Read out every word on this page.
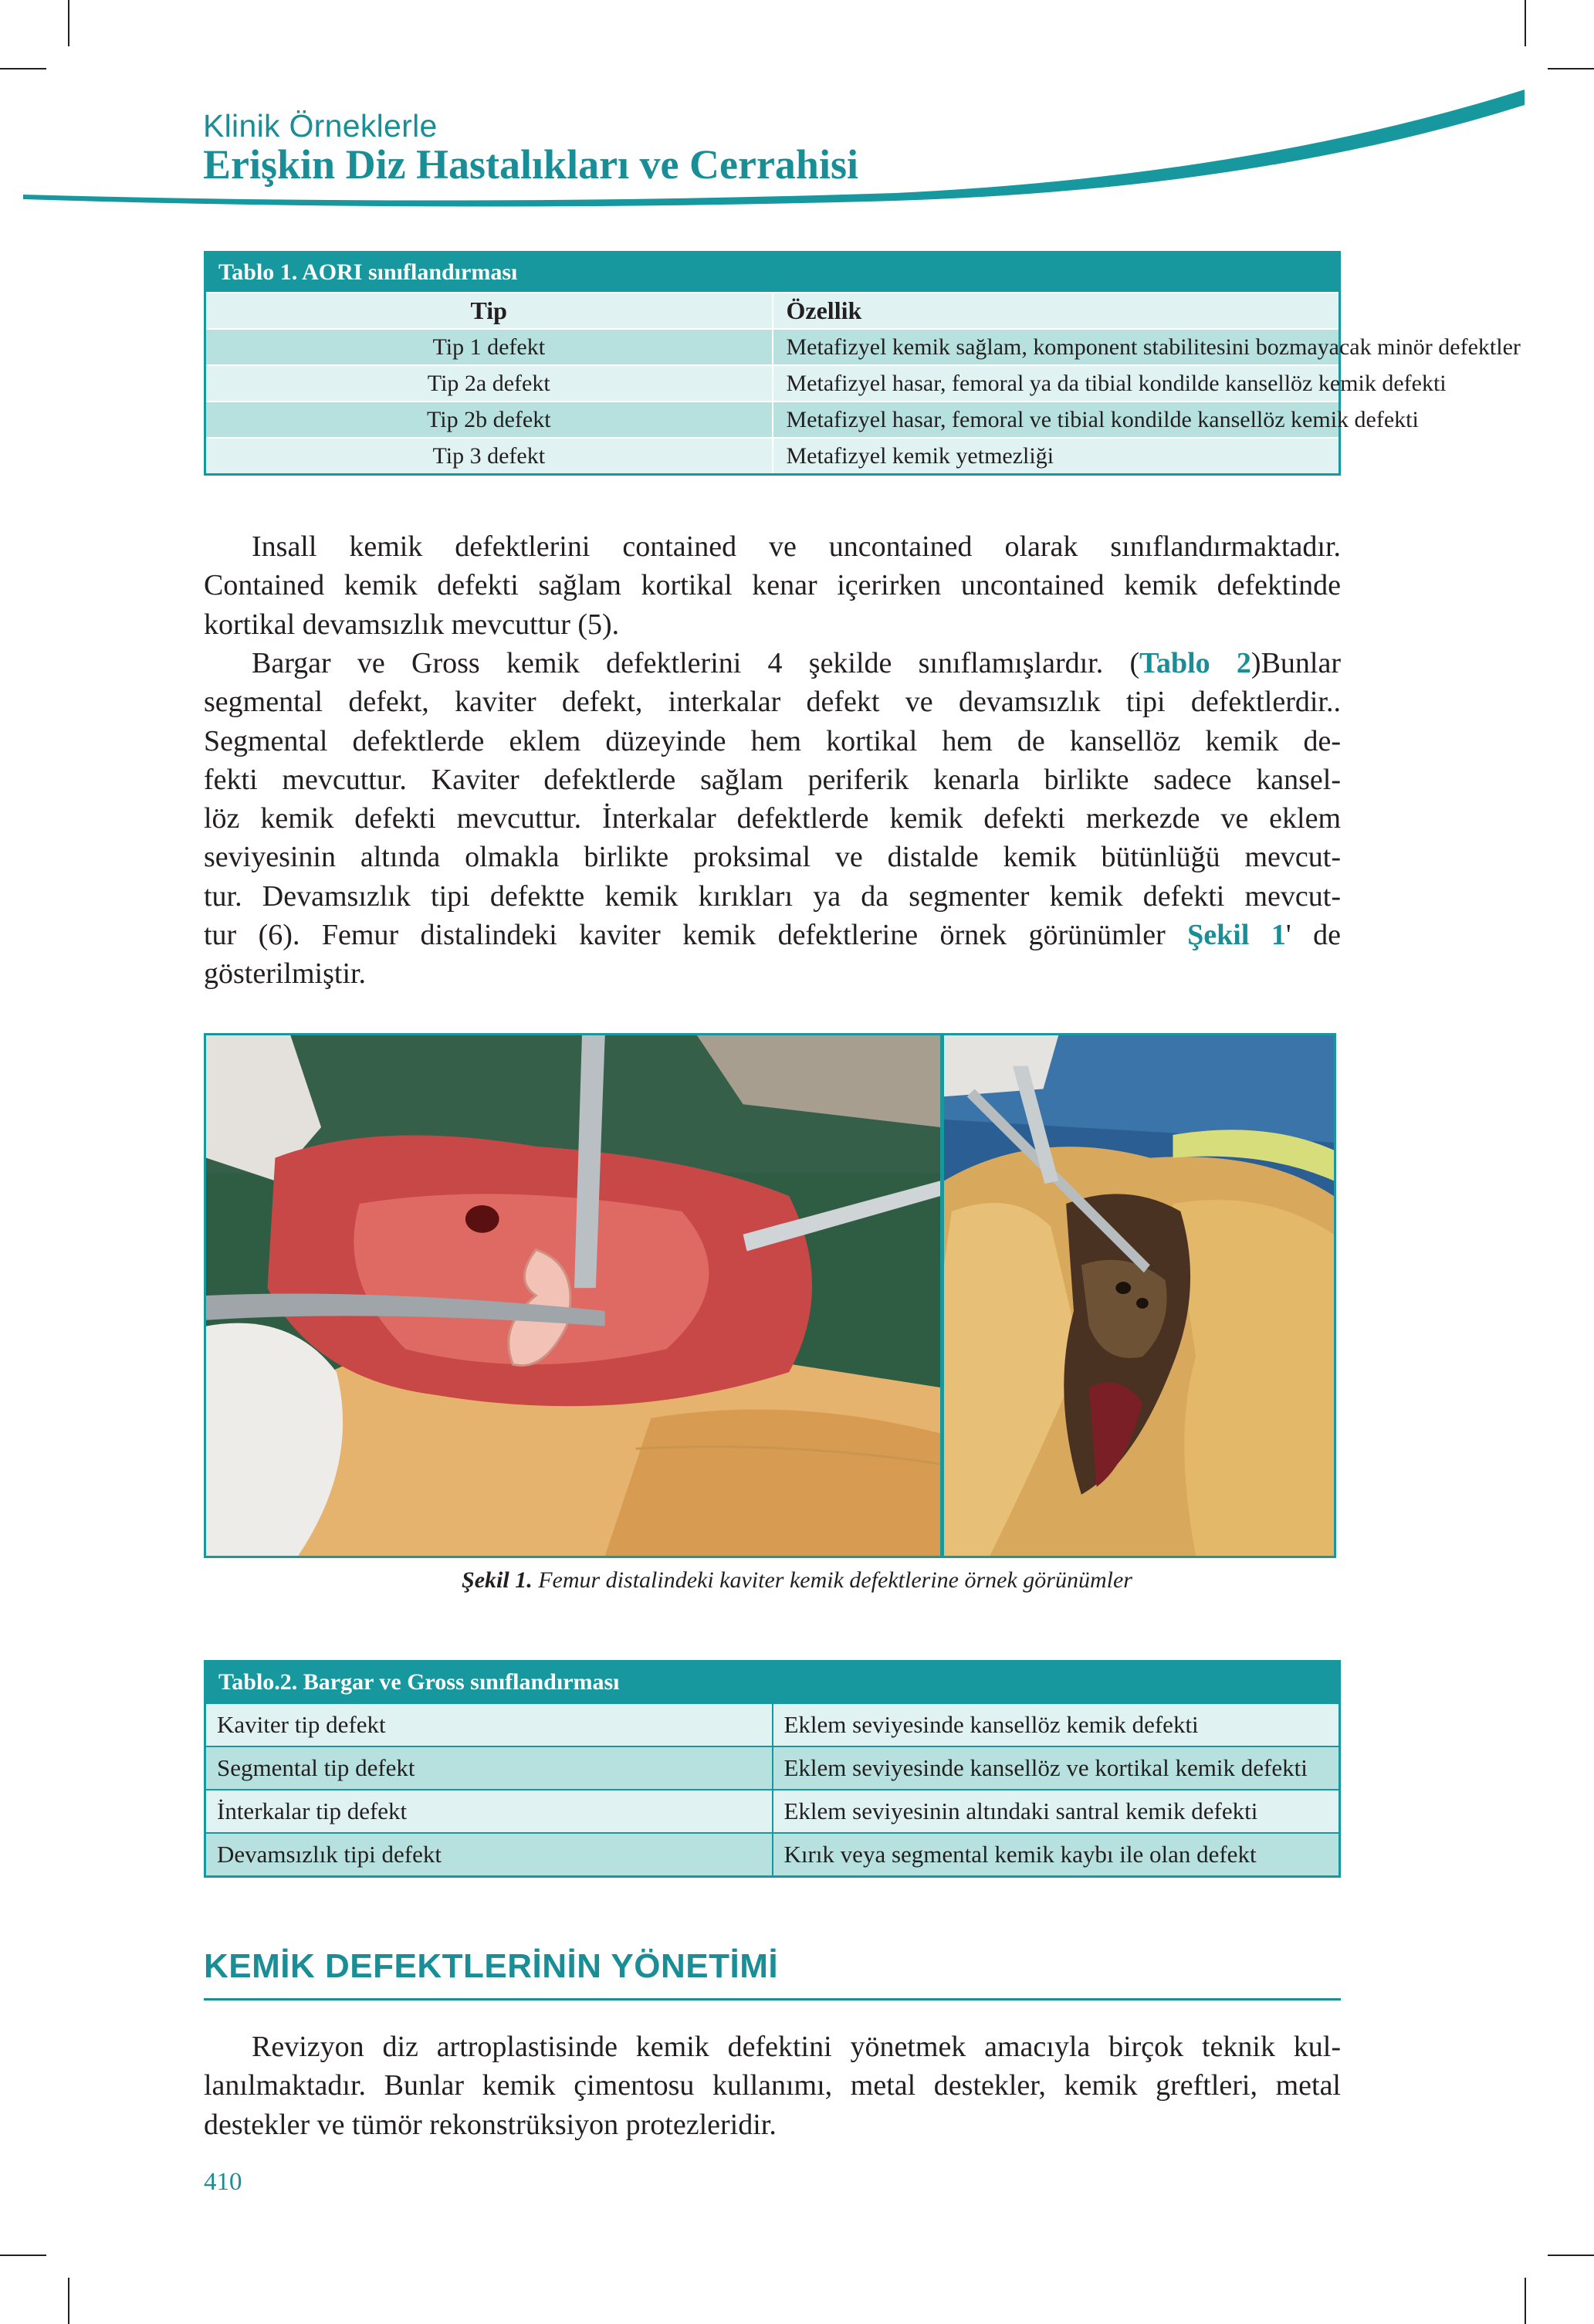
Klinik Örneklerle
Erişkin Diz Hastalıkları ve Cerrahisi
Tablo 1. AORI sınıflandırması	
Tip	Özellik
Tip 1 defekt	Metafizyel kemik sağlam, komponent stabilitesini bozmayacak minör defektler
Tip 2a defekt	Metafizyel hasar, femoral ya da tibial kondilde kansellöz kemik defekti
Tip 2b defekt	Metafizyel hasar, femoral ve tibial kondilde kansellöz kemik defekti
Tip 3 defekt	Metafizyel kemik yetmezliği
Insall kemik defektlerini contained ve uncontained olarak sınıflandırmaktadır.
Contained kemik defekti sağlam kortikal kenar içerirken uncontained kemik defektinde
kortikal devamsızlık mevcuttur (5).
Bargar ve Gross kemik defektlerini 4 şekilde sınıflamışlardır. (Tablo 2)Bunlar
segmental defekt, kaviter defekt, interkalar defekt ve devamsızlık tipi defektlerdir..
Segmental defektlerde eklem düzeyinde hem kortikal hem de kansellöz kemik de-
fekti mevcuttur. Kaviter defektlerde sağlam periferik kenarla birlikte sadece kansel-
löz kemik defekti mevcuttur. İnterkalar defektlerde kemik defekti merkezde ve eklem
seviyesinin altında olmakla birlikte proksimal ve distalde kemik bütünlüğü mevcut-
tur. Devamsızlık tipi defektte kemik kırıkları ya da segmenter kemik defekti mevcut-
tur (6). Femur distalindeki kaviter kemik defektlerine örnek görünümler Şekil 1' de
gösterilmiştir.
Şekil 1. Femur distalindeki kaviter kemik defektlerine örnek görünümler
Tablo.2. Bargar ve Gross sınıflandırması	
Kaviter tip defekt	Eklem seviyesinde kansellöz kemik defekti
Segmental tip defekt	Eklem seviyesinde kansellöz ve kortikal kemik defekti
İnterkalar tip defekt	Eklem seviyesinin altındaki santral kemik defekti
Devamsızlık tipi defekt	Kırık veya segmental kemik kaybı ile olan defekt
KEMİK DEFEKTLERİNİN YÖNETİMİ
Revizyon diz artroplastisinde kemik defektini yönetmek amacıyla birçok teknik kul-
lanılmaktadır. Bunlar kemik çimentosu kullanımı, metal destekler, kemik greftleri, metal
destekler ve tümör rekonstrüksiyon protezleridir.
410
